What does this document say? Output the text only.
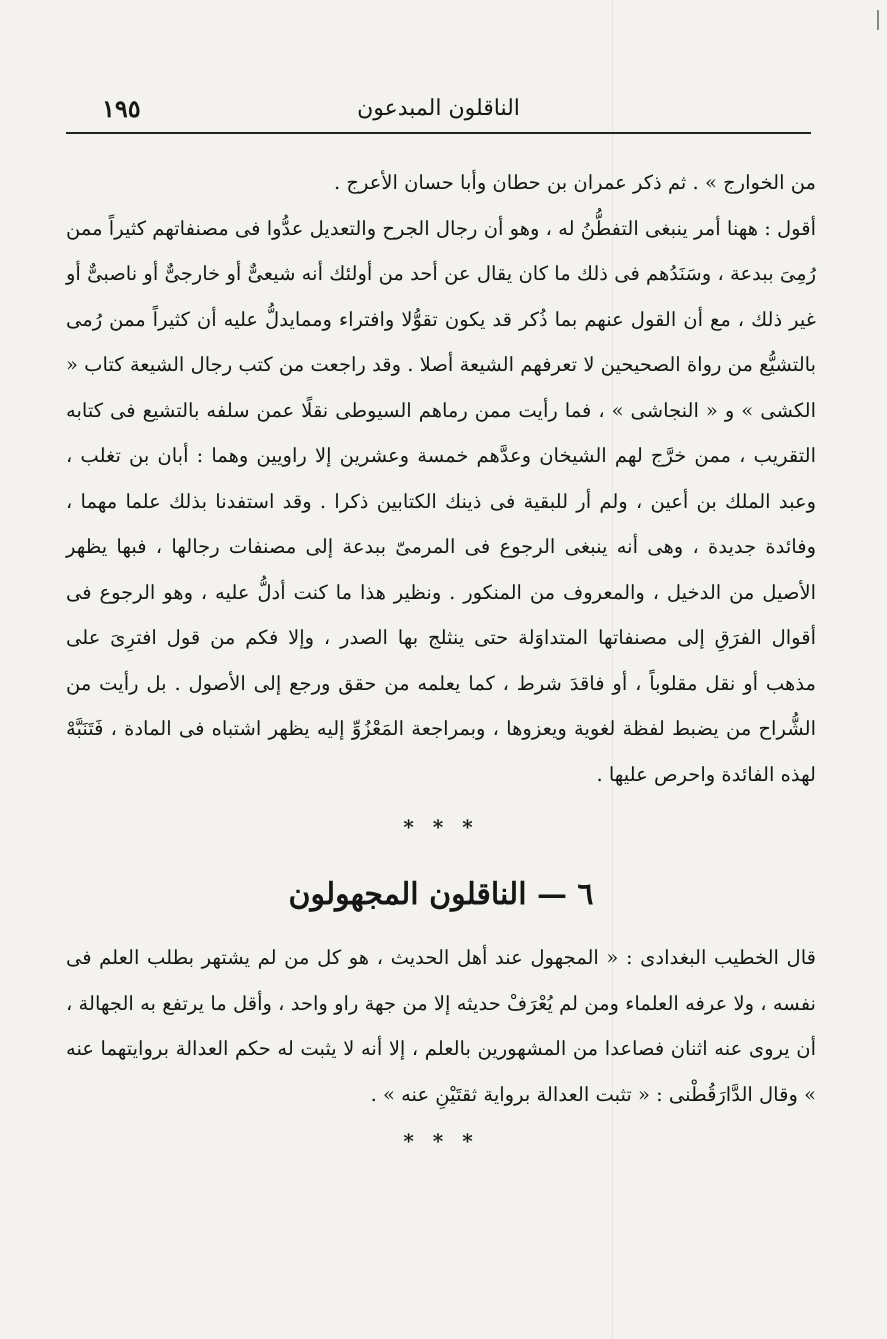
الناقلون المبدعون
١٩٥

من الخوارج » . ثم ذكر عمران بن حطان وأبا حسان الأعرج .

أقول : ههنا أمر ينبغى التفطُّنُ له ، وهو أن رجال الجرح والتعديل عدُّوا فى مصنفاتهم كثيراً ممن رُمِىَ ببدعة ، وسَنَدُهم فى ذلك ما كان يقال عن أحد من أولئك أنه شيعىٌّ أو خارجىٌّ أو ناصبىٌّ أو غير ذلك ، مع أن القول عنهم بما ذُكر قد يكون تقوُّلا وافتراء وممايدلُّ عليه أن كثيراً ممن رُمى بالتشيُّع من رواة الصحيحين لا تعرفهم الشيعة أصلا . وقد راجعت من كتب رجال الشيعة كتاب « الكشى » و « النجاشى » ، فما رأيت ممن رماهم السيوطى نقلًا عمن سلفه بالتشيع فى كتابه التقريب ، ممن خرَّج لهم الشيخان وعدَّهم خمسة وعشرين إلا راويين وهما : أبان بن تغلب ، وعبد الملك بن أعين ، ولم أر للبقية فى ذينك الكتابين ذكرا . وقد استفدنا بذلك علما مهما ، وفائدة جديدة ، وهى أنه ينبغى الرجوع فى المرمىّ ببدعة إلى مصنفات رجالها ، فبها يظهر الأصيل من الدخيل ، والمعروف من المنكور . ونظير هذا ما كنت أدلُّ عليه ، وهو الرجوع فى أقوال الفرَقِ إلى مصنفاتها المتداوَلة حتى ينثلج بها الصدر ، وإلا فكم من قول افترِىَ على مذهب أو نقل مقلوباً ، أو فاقدَ شرط ، كما يعلمه من حقق ورجع إلى الأصول . بل رأيت من الشُّراح من يضبط لفظة لغوية ويعزوها ، وبمراجعة المَعْزُوِّ إليه يظهر اشتباه فى المادة ، فَتَنَبَّهْ لهذه الفائدة واحرص عليها .

* * *
٦ — الناقلون المجهولون

قال الخطيب البغدادى : « المجهول عند أهل الحديث ، هو كل من لم يشتهر بطلب العلم فى نفسه ، ولا عرفه العلماء ومن لم يُعْرَفْ حديثه إلا من جهة راو واحد ، وأقل ما يرتفع به الجهالة ، أن يروى عنه اثنان فصاعدا من المشهورين بالعلم ، إلا أنه لا يثبت له حكم العدالة بروايتهما عنه » وقال الدَّارَقُطْنى : « تثبت العدالة برواية ثقتَيْنِ عنه » .

* * *
